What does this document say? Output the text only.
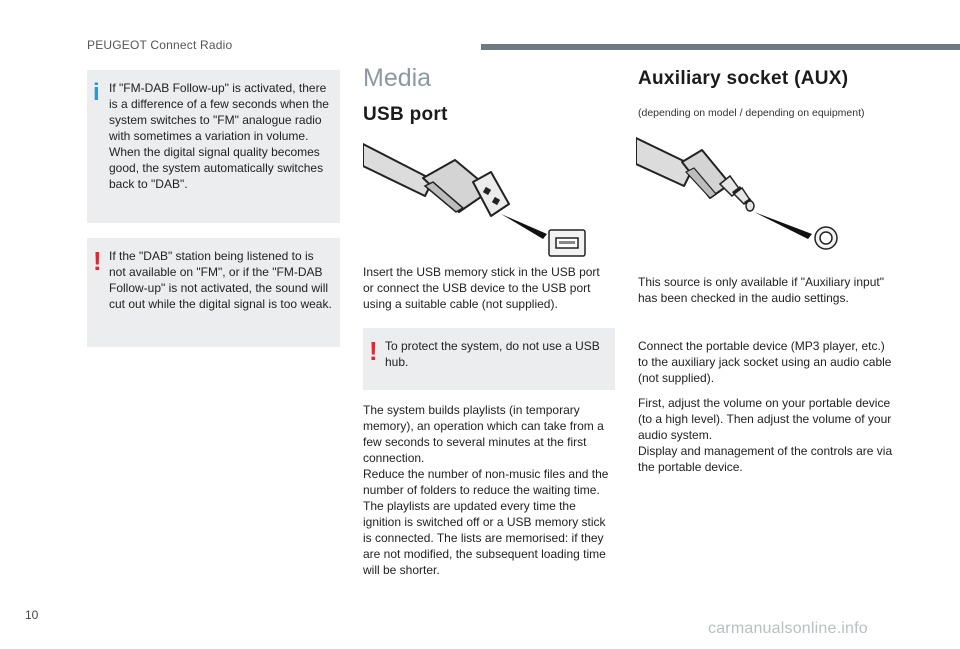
PEUGEOT Connect Radio
i If "FM-DAB Follow-up" is activated, there is a difference of a few seconds when the system switches to "FM" analogue radio with sometimes a variation in volume.
When the digital signal quality becomes good, the system automatically switches back to "DAB".
! If the "DAB" station being listened to is not available on "FM", or if the "FM-DAB Follow-up" is not activated, the sound will cut out while the digital signal is too weak.
Media
USB port
Insert the USB memory stick in the USB port or connect the USB device to the USB port using a suitable cable (not supplied).
! To protect the system, do not use a USB hub.
The system builds playlists (in temporary memory), an operation which can take from a few seconds to several minutes at the first connection.
Reduce the number of non-music files and the number of folders to reduce the waiting time.
The playlists are updated every time the ignition is switched off or a USB memory stick is connected. The lists are memorised: if they are not modified, the subsequent loading time will be shorter.
Auxiliary socket (AUX)
(depending on model / depending on equipment)
This source is only available if "Auxiliary input" has been checked in the audio settings.
Connect the portable device (MP3 player, etc.) to the auxiliary jack socket using an audio cable (not supplied).
First, adjust the volume on your portable device (to a high level). Then adjust the volume of your audio system.
Display and management of the controls are via the portable device.
10
carmanualsonline.info
